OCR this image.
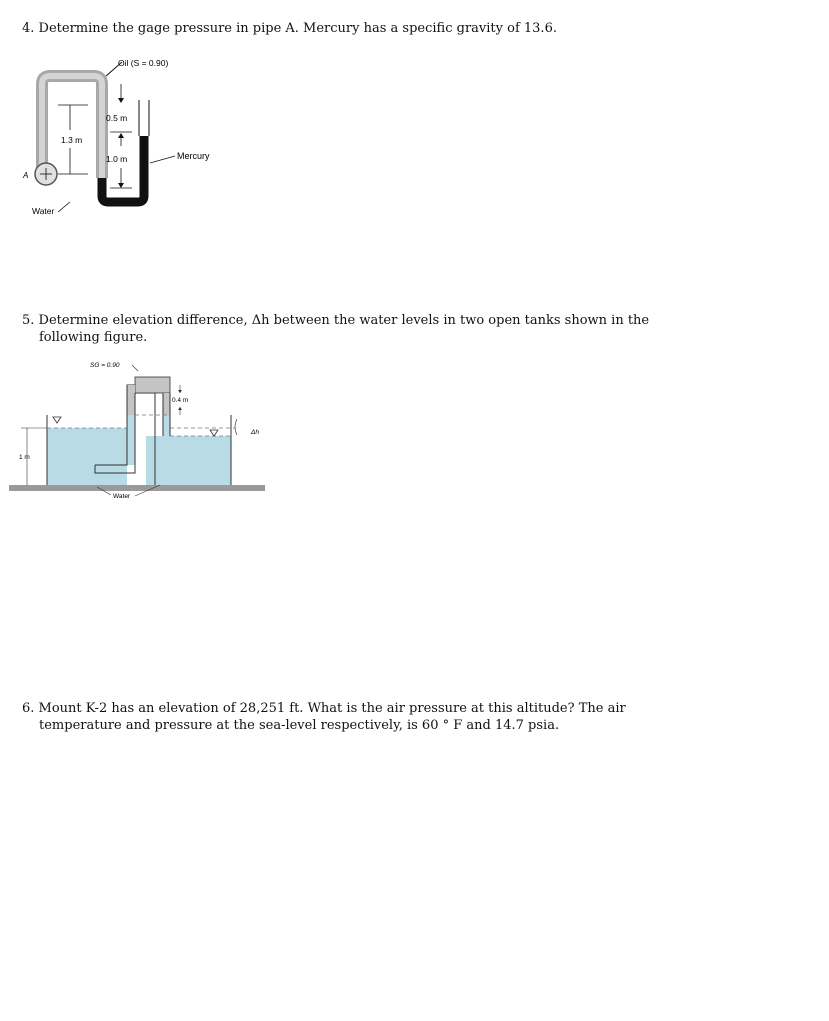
4. Determine the gage pressure in pipe A. Mercury has a specific gravity of 13.6.

Oil (S = 0.90)
A
1.3 m
0.5 m
1.0 m	Mercury
Water

5. Determine elevation difference, Δh between the water levels in two open tanks shown in the
following figure.

SG = 0.90
0.4 m
Δh
1 m
Water

6. Mount K-2 has an elevation of 28,251 ft. What is the air pressure at this altitude? The air
temperature and pressure at the sea-level respectively, is 60 ° F and 14.7 psia.
